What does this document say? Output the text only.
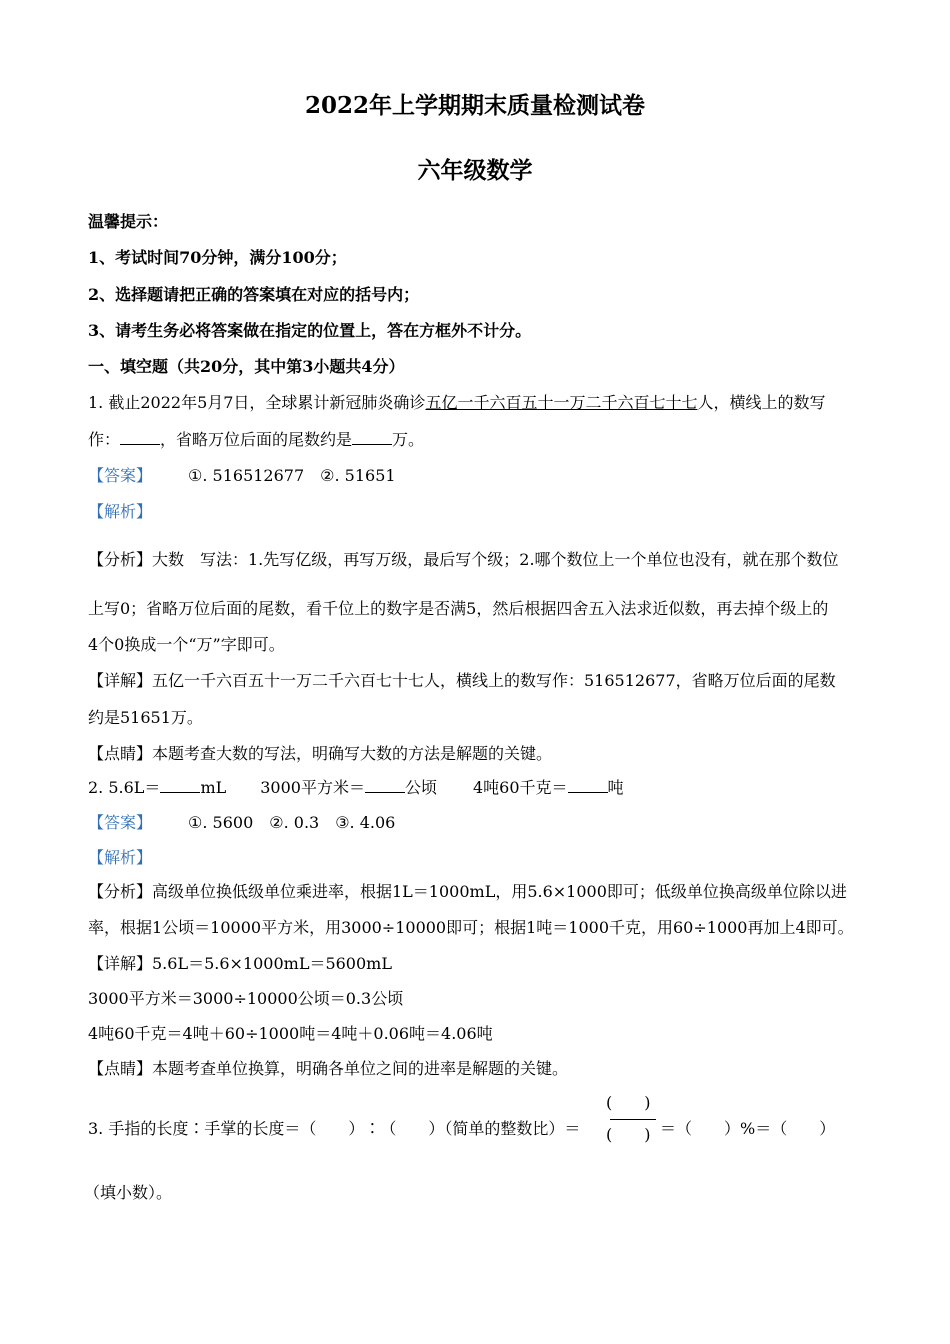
2022年上学期期末质量检测试卷
六年级数学
温馨提示：
1、考试时间70分钟，满分100分；
2、选择题请把正确的答案填在对应的括号内；
3、请考生务必将答案做在指定的位置上，答在方框外不计分。
一、填空题（共20分，其中第3小题共4分）
1. 截止2022年5月7日，全球累计新冠肺炎确诊五亿一千六百五十一万二千六百七十七人，横线上的数写
作：	，省略万位后面的尾数约是	万。
【答案】 ①. 516512677　②. 51651
【解析】
【分析】大数　写法：1.先写亿级，再写万级，最后写个级；2.哪个数位上一个单位也没有，就在那个数位
上写0；省略万位后面的尾数，看千位上的数字是否满5，然后根据四舍五入法求近似数，再去掉个级上的
4个0换成一个“万”字即可。
【详解】五亿一千六百五十一万二千六百七十七人，横线上的数写作：516512677，省略万位后面的尾数
约是51651万。
【点睛】本题考查大数的写法，明确写大数的方法是解题的关键。
2. 5.6L＝	mL 3000平方米＝	公顷 4吨60千克＝	吨
【答案】 ①. 5600　②. 0.3　③. 4.06
【解析】
【分析】高级单位换低级单位乘进率，根据1L＝1000mL，用5.6×1000即可；低级单位换高级单位除以进
率，根据1公顷＝10000平方米，用3000÷10000即可；根据1吨＝1000千克，用60÷1000再加上4即可。
【详解】5.6L＝5.6×1000mL＝5600mL
3000平方米＝3000÷10000公顷＝0.3公顷
4吨60千克＝4吨＋60÷1000吨＝4吨＋0.06吨＝4.06吨
【点睛】本题考查单位换算，明确各单位之间的进率是解题的关键。
3. 手指的长度∶手掌的长度＝（　　）∶（　　）（简单的整数比）＝
(　　)
(　　) ＝（　　）%＝（　　）
（填小数）。
